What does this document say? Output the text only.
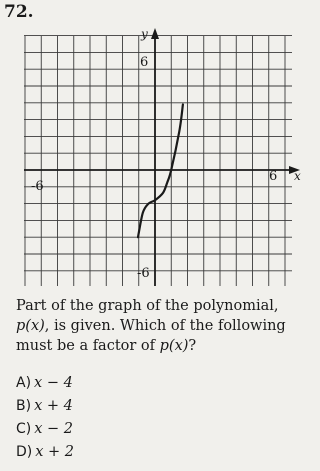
72.
y
x
6
-6
6
-6
Part of the graph of the polynomial, p(x), is given. Which of the following must be a factor of p(x)?
A) x − 4
B) x + 4
C) x − 2
D) x + 2
